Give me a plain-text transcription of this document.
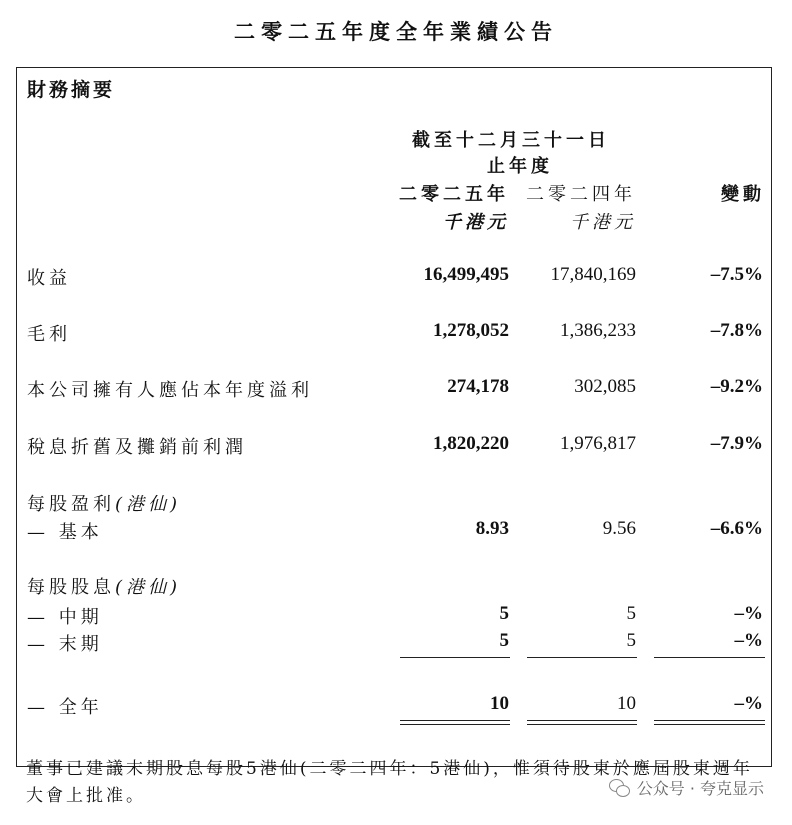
二零二五年度全年業績公告
財務摘要
截至十二月三十一日
止年度
二零二五年 二零二四年	變動
千港元	千港元
收益	16,499,495 17,840,169	–7.5%
毛利	1,278,052	1,386,233	–7.8%
本公司擁有人應佔本年度溢利	274,178	302,085	–9.2%
稅息折舊及攤銷前利潤	1,820,220	1,976,817	–7.9%
每股盈利(港仙)
— 基本	8.93	9.56	–6.6%
每股股息(港仙)
— 中期	5	5	–%
— 末期	5	5	–%
— 全年	10	10	–%
董事已建議末期股息每股5港仙(二零二四年：5港仙)，惟須待股東於應屆股東週年大會上批准。	公众号 · 夸克显示
